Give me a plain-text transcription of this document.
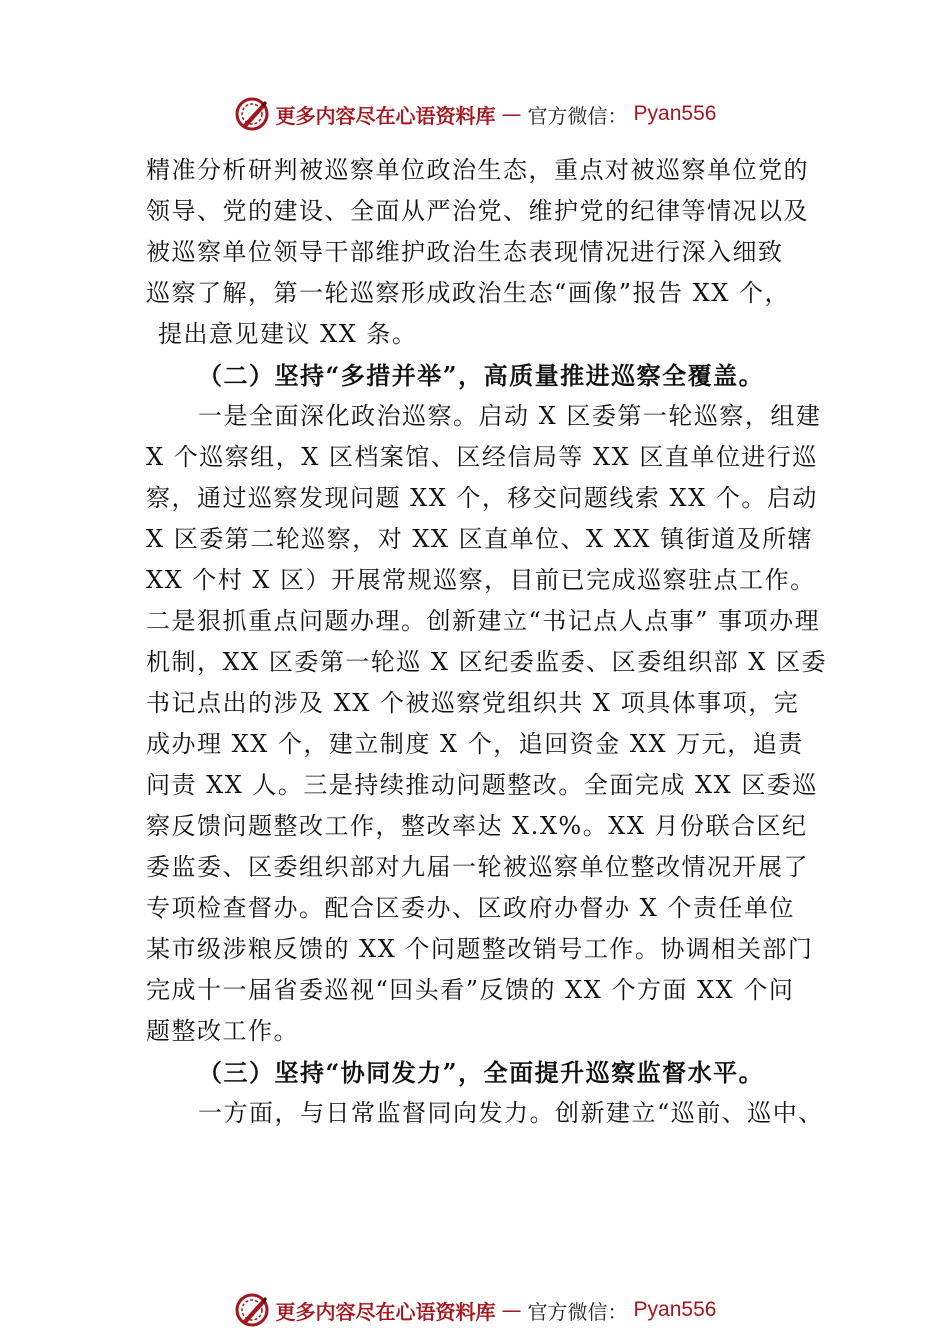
更多内容尽在心语资料库 — 官方微信： Pyan556
精准分析研判被巡察单位政治生态，重点对被巡察单位党的
领导、党的建设、全面从严治党、维护党的纪律等情况以及
被巡察单位领导干部维护政治生态表现情况进行深入细致
巡察了解，第一轮巡察形成政治生态“画像”报告 XX 个，
提出意见建议 XX 条。
（二）坚持“多措并举”，高质量推进巡察全覆盖。
一是全面深化政治巡察。启动 X 区委第一轮巡察，组建
X 个巡察组，X 区档案馆、区经信局等 XX 区直单位进行巡
察，通过巡察发现问题 XX 个，移交问题线索 XX 个。启动
X 区委第二轮巡察，对 XX 区直单位、X XX 镇街道及所辖
XX 个村 X 区）开展常规巡察，目前已完成巡察驻点工作。
二是狠抓重点问题办理。创新建立“书记点人点事” 事项办理
机制，XX 区委第一轮巡 X 区纪委监委、区委组织部 X 区委
书记点出的涉及 XX 个被巡察党组织共 X 项具体事项，完
成办理 XX 个，建立制度 X 个，追回资金 XX 万元，追责
问责 XX 人。三是持续推动问题整改。全面完成 XX 区委巡
察反馈问题整改工作，整改率达 X.X%。XX 月份联合区纪
委监委、区委组织部对九届一轮被巡察单位整改情况开展了
专项检查督办。配合区委办、区政府办督办 X 个责任单位
某市级涉粮反馈的 XX 个问题整改销号工作。协调相关部门
完成十一届省委巡视“回头看”反馈的 XX 个方面 XX 个问
题整改工作。
（三）坚持“协同发力”，全面提升巡察监督水平。
一方面，与日常监督同向发力。创新建立“巡前、巡中、
更多内容尽在心语资料库 — 官方微信： Pyan556
